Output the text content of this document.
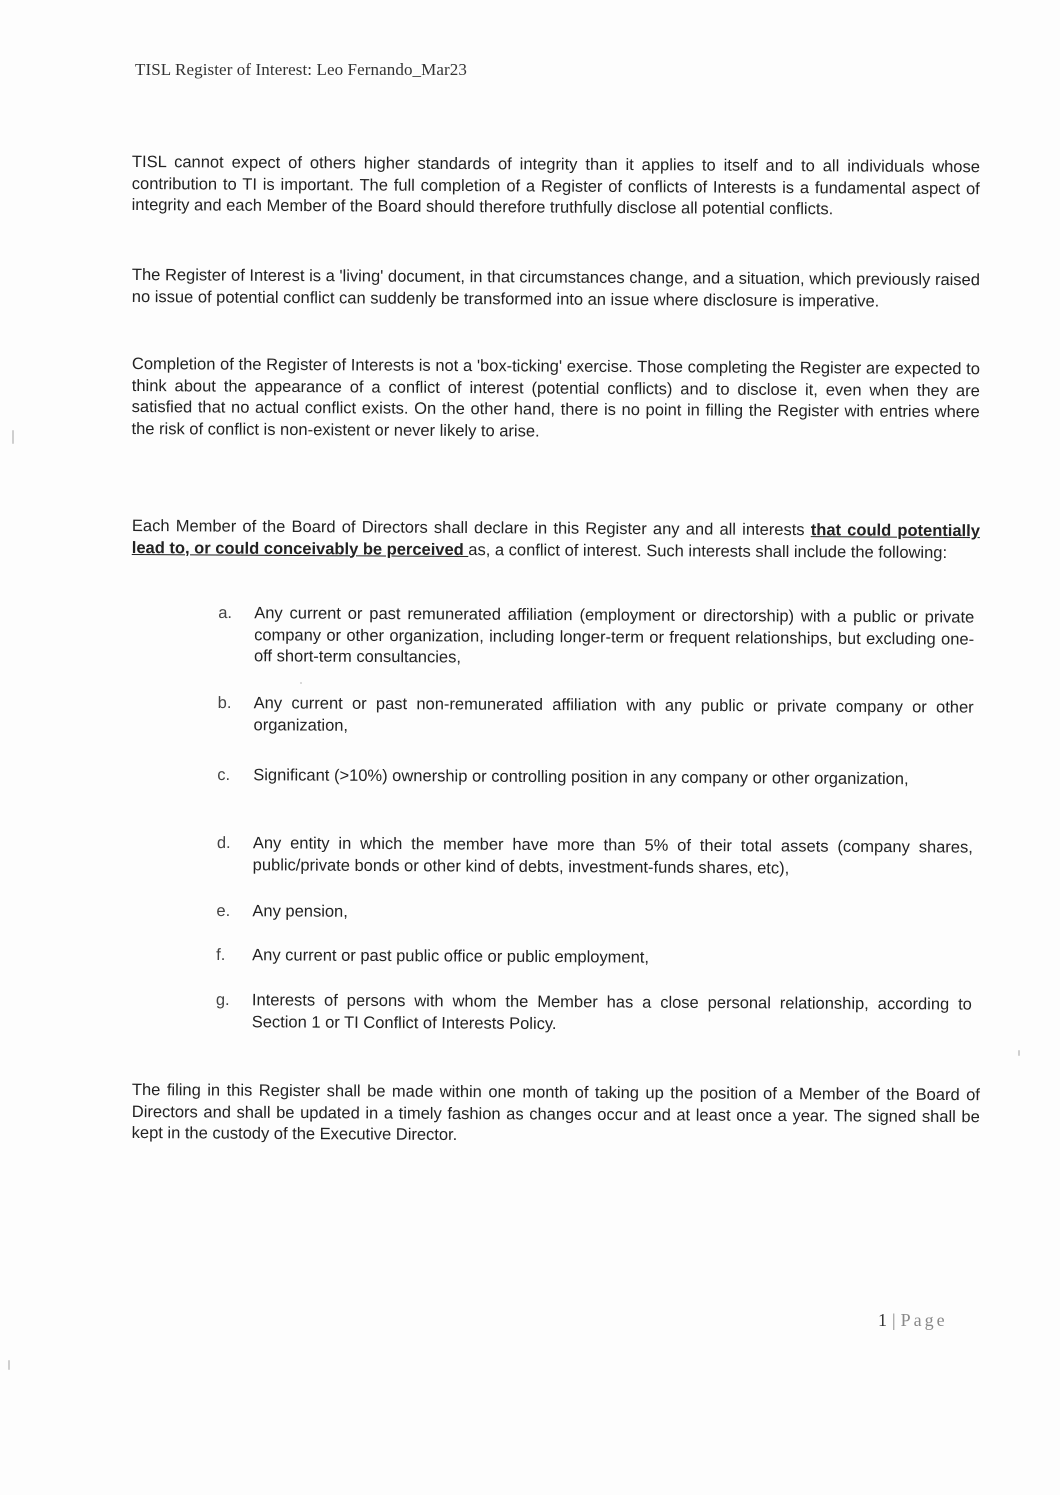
TISL Register of Interest: Leo Fernando_Mar23

TISL cannot expect of others higher standards of integrity than it applies to itself and to all individuals whose contribution to TI is important. The full completion of a Register of conflicts of Interests is a fundamental aspect of integrity and each Member of the Board should therefore truthfully disclose all potential conflicts.

The Register of Interest is a 'living' document, in that circumstances change, and a situation, which previously raised no issue of potential conflict can suddenly be transformed into an issue where disclosure is imperative.

Completion of the Register of Interests is not a 'box-ticking' exercise. Those completing the Register are expected to think about the appearance of a conflict of interest (potential conflicts) and to disclose it, even when they are satisfied that no actual conflict exists. On the other hand, there is no point in filling the Register with entries where the risk of conflict is non-existent or never likely to arise.

Each Member of the Board of Directors shall declare in this Register any and all interests that could potentially lead to, or could conceivably be perceived as, a conflict of interest. Such interests shall include the following:

a.	Any current or past remunerated affiliation (employment or directorship) with a public or private company or other organization, including longer-term or frequent relationships, but excluding one-off short-term consultancies,
b.	Any current or past non-remunerated affiliation with any public or private company or other organization,
c.	Significant (>10%) ownership or controlling position in any company or other organization,
d.	Any entity in which the member have more than 5% of their total assets (company shares, public/private bonds or other kind of debts, investment-funds shares, etc),
e.	Any pension,
f.	Any current or past public office or public employment,
g.	Interests of persons with whom the Member has a close personal relationship, according to Section 1 or TI Conflict of Interests Policy.

The filing in this Register shall be made within one month of taking up the position of a Member of the Board of Directors and shall be updated in a timely fashion as changes occur and at least once a year. The signed shall be kept in the custody of the Executive Director.

1 | Page
